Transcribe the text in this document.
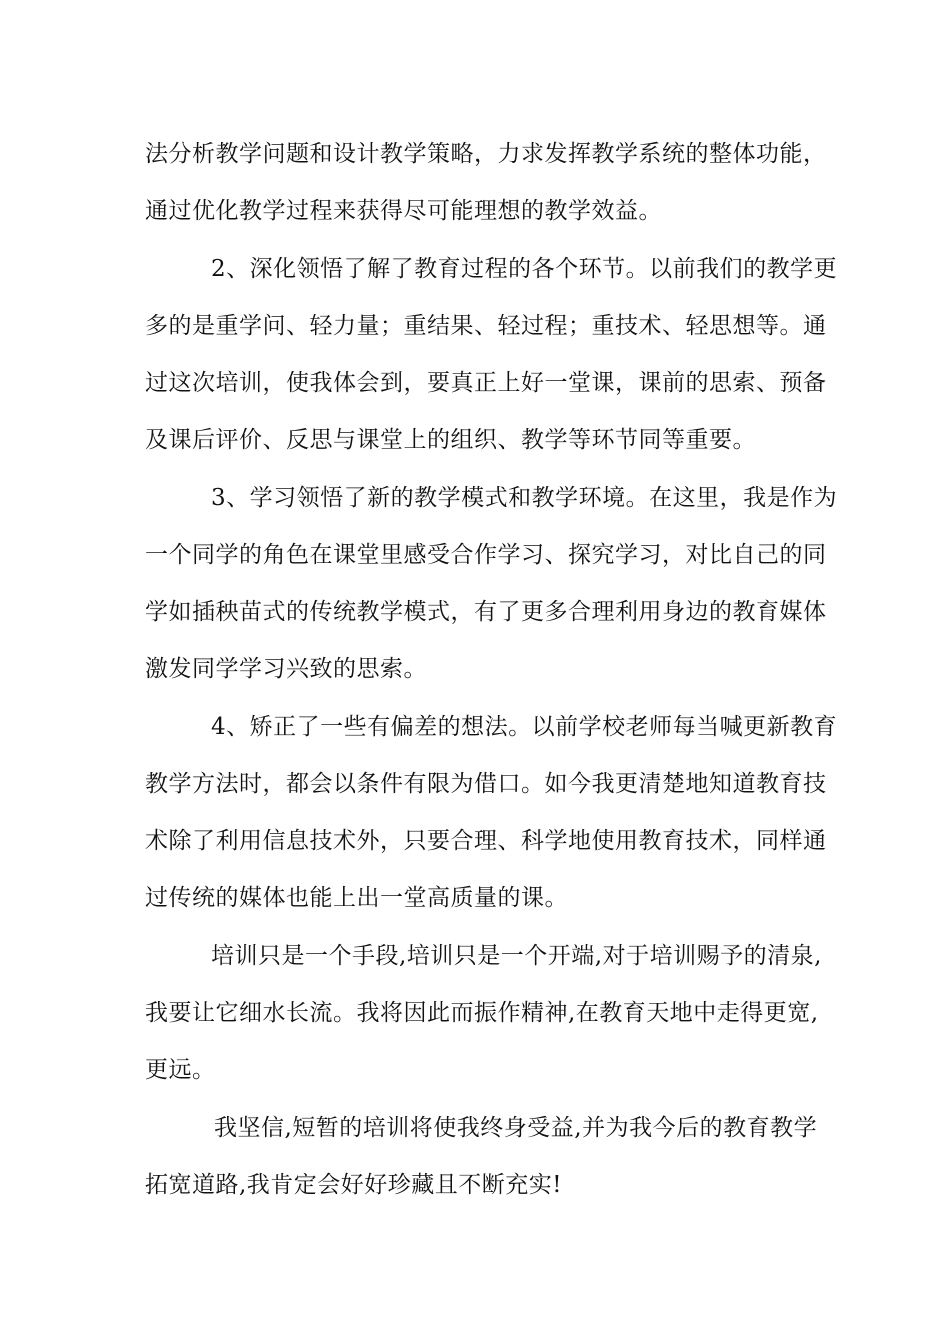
法分析教学问题和设计教学策略，力求发挥教学系统的整体功能，
通过优化教学过程来获得尽可能理想的教学效益。
2、深化领悟了解了教育过程的各个环节。以前我们的教学更
多的是重学问、轻力量；重结果、轻过程；重技术、轻思想等。通
过这次培训，使我体会到，要真正上好一堂课，课前的思索、预备
及课后评价、反思与课堂上的组织、教学等环节同等重要。
3、学习领悟了新的教学模式和教学环境。在这里，我是作为
一个同学的角色在课堂里感受合作学习、探究学习，对比自己的同
学如插秧苗式的传统教学模式，有了更多合理利用身边的教育媒体
激发同学学习兴致的思索。
4、矫正了一些有偏差的想法。以前学校老师每当喊更新教育
教学方法时，都会以条件有限为借口。如今我更清楚地知道教育技
术除了利用信息技术外，只要合理、科学地使用教育技术，同样通
过传统的媒体也能上出一堂高质量的课。
培训只是一个手段,培训只是一个开端,对于培训赐予的清泉,
我要让它细水长流。我将因此而振作精神,在教育天地中走得更宽,
更远。
我坚信,短暂的培训将使我终身受益,并为我今后的教育教学
拓宽道路,我肯定会好好珍藏且不断充实!
